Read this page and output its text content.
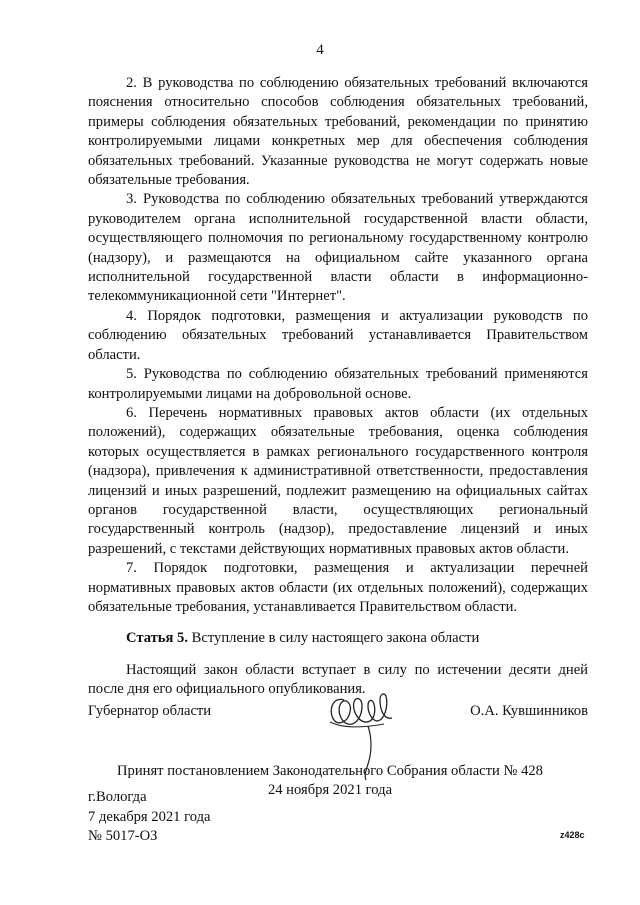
4

2. В руководства по соблюдению обязательных требований включаются пояснения относительно способов соблюдения обязательных требований, примеры соблюдения обязательных требований, рекомендации по принятию контролируемыми лицами конкретных мер для обеспечения соблюдения обязательных требований. Указанные руководства не могут содержать новые обязательные требования.

3. Руководства по соблюдению обязательных требований утверждаются руководителем органа исполнительной государственной власти области, осуществляющего полномочия по региональному государственному контролю (надзору), и размещаются на официальном сайте указанного органа исполнительной государственной власти области в информационно-телекоммуникационной сети "Интернет".

4. Порядок подготовки, размещения и актуализации руководств по соблюдению обязательных требований устанавливается Правительством области.

5. Руководства по соблюдению обязательных требований применяются контролируемыми лицами на добровольной основе.

6. Перечень нормативных правовых актов области (их отдельных положений), содержащих обязательные требования, оценка соблюдения которых осуществляется в рамках регионального государственного контроля (надзора), привлечения к административной ответственности, предоставления лицензий и иных разрешений, подлежит размещению на официальных сайтах органов государственной власти, осуществляющих региональный государственный контроль (надзор), предоставление лицензий и иных разрешений, с текстами действующих нормативных правовых актов области.

7. Порядок подготовки, размещения и актуализации перечней нормативных правовых актов области (их отдельных положений), содержащих обязательные требования, устанавливается Правительством области.

Статья 5. Вступление в силу настоящего закона области

Настоящий закон области вступает в силу по истечении десяти дней после дня его официального опубликования.

Губернатор области	О.А. Кувшинников
Принят постановлением Законодательного Собрания области № 428
24 ноября 2021 года
г.Вологда
7 декабря 2021 года
№ 5017-ОЗ	z428c
